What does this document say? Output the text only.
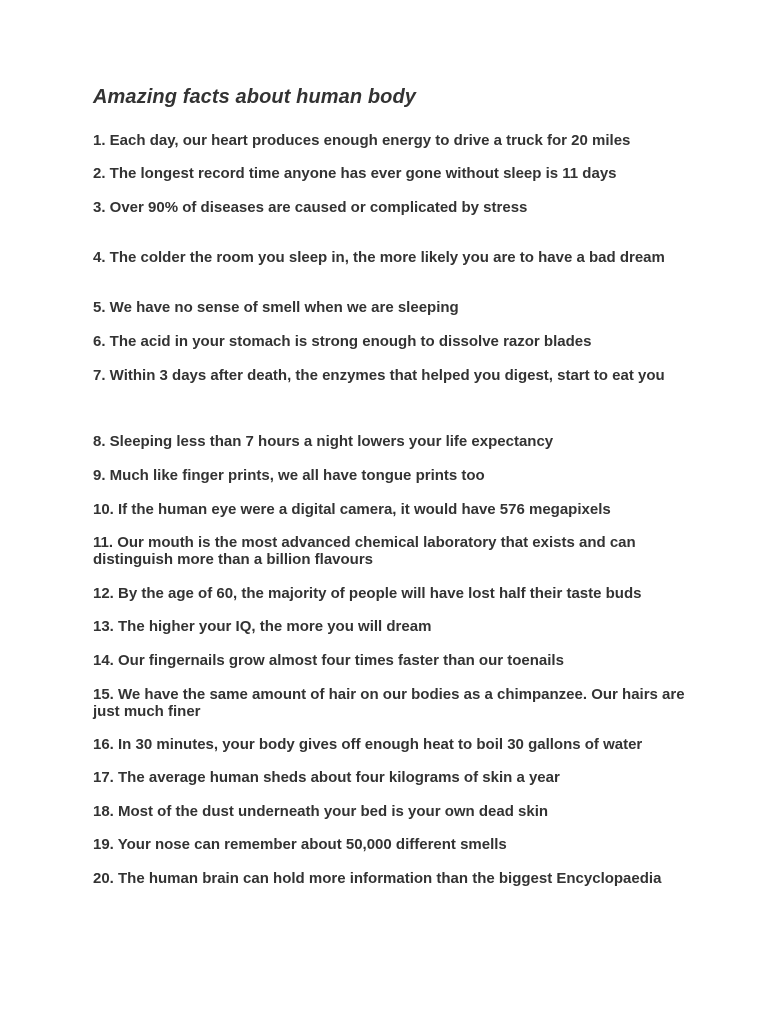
Amazing facts about human body
1. Each day, our heart produces enough energy to drive a truck for 20 miles
2. The longest record time anyone has ever gone without sleep is 11 days
3. Over 90% of diseases are caused or complicated by stress
4. The colder the room you sleep in, the more likely you are to have a bad dream
5. We have no sense of smell when we are sleeping
6. The acid in your stomach is strong enough to dissolve razor blades
7. Within 3 days after death, the enzymes that helped you digest, start to eat you
8. Sleeping less than 7 hours a night lowers your life expectancy
9. Much like finger prints, we all have tongue prints too
10. If the human eye were a digital camera, it would have 576 megapixels
11. Our mouth is the most advanced chemical laboratory that exists and can distinguish more than a billion flavours
12. By the age of 60, the majority of people will have lost half their taste buds
13. The higher your IQ, the more you will dream
14. Our fingernails grow almost four times faster than our toenails
15. We have the same amount of hair on our bodies as a chimpanzee. Our hairs are just much finer
16. In 30 minutes, your body gives off enough heat to boil 30 gallons of water
17. The average human sheds about four kilograms of skin a year
18. Most of the dust underneath your bed is your own dead skin
19. Your nose can remember about 50,000 different smells
20. The human brain can hold more information than the biggest Encyclopaedia
